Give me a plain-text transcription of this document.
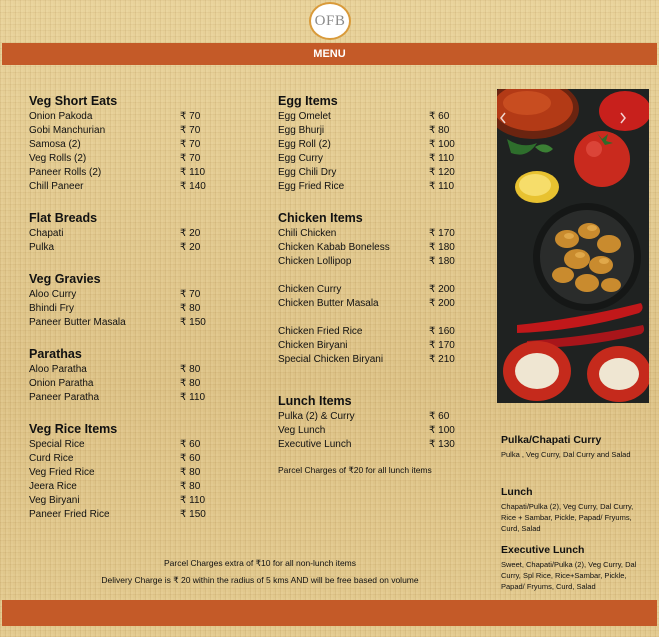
OFB
MENU
Veg Short Eats
Onion Pakoda	₹ 70
Gobi Manchurian	₹ 70
Samosa (2)	₹ 70
Veg Rolls (2)	₹ 70
Paneer Rolls (2)	₹ 110
Chill Paneer	₹ 140
Flat Breads
Chapati	₹ 20
Pulka	₹ 20
Veg Gravies
Aloo Curry	₹ 70
Bhindi Fry	₹ 80
Paneer Butter Masala	₹ 150
Parathas
Aloo Paratha	₹ 80
Onion Paratha	₹ 80
Paneer Paratha	₹ 110
Veg Rice Items
Special Rice	₹ 60
Curd Rice	₹ 60
Veg Fried Rice	₹ 80
Jeera Rice	₹ 80
Veg Biryani	₹ 110
Paneer Fried Rice	₹ 150
Egg Items
Egg Omelet	₹ 60
Egg Bhurji	₹ 80
Egg Roll (2)	₹ 100
Egg Curry	₹ 110
Egg Chili Dry	₹ 120
Egg Fried Rice	₹ 110
Chicken Items
Chili Chicken	₹ 170
Chicken Kabab Boneless	₹ 180
Chicken Lollipop	₹ 180
Chicken Curry	₹ 200
Chicken Butter Masala	₹ 200
Chicken Fried Rice	₹ 160
Chicken Biryani	₹ 170
Special Chicken Biryani	₹ 210
Lunch Items
Pulka (2) & Curry	₹ 60
Veg Lunch	₹ 100
Executive Lunch	₹ 130
Parcel Charges of ₹20 for all lunch items
Pulka/Chapati Curry
Pulka , Veg Curry, Dal Curry and Salad
Lunch
Chapati/Pulka (2), Veg Curry, Dal Curry, Rice + Sambar, Pickle, Papad/ Fryums, Curd, Salad
Executive Lunch
Sweet, Chapati/Pulka (2), Veg Curry, Dal Curry, Spl Rice, Rice+Sambar, Pickle, Papad/ Fryums, Curd, Salad
Parcel Charges extra of ₹10 for all non-lunch items
Delivery Charge is ₹ 20 within the radius of 5 kms AND will be free based on volume
